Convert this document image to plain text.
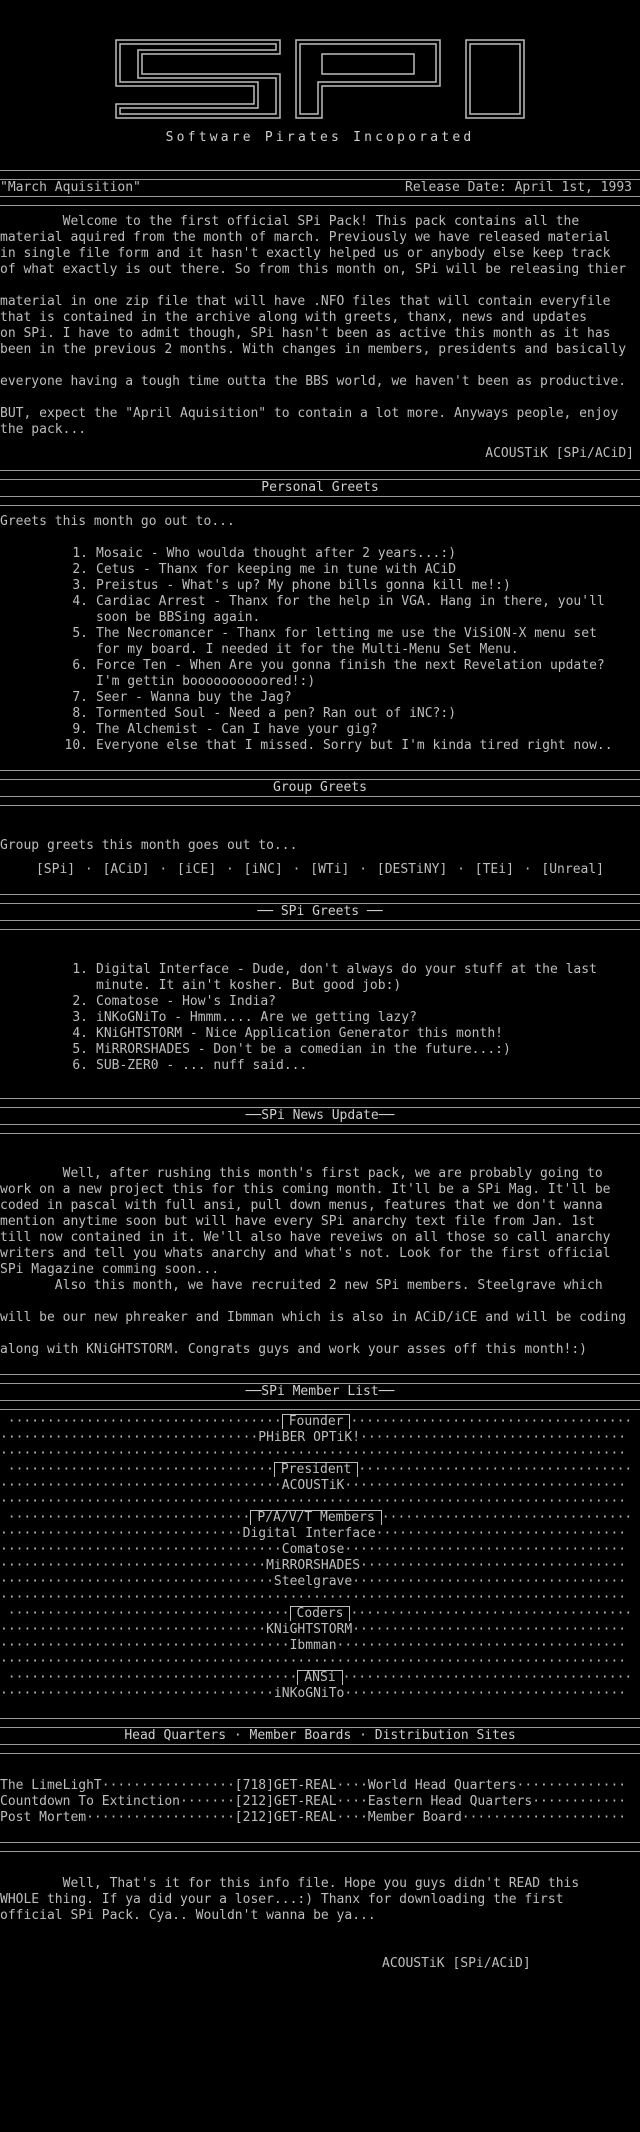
Software Pirates Incoporated
"March Aquisition"	Release Date: April 1st, 1993
Welcome to the first official SPi Pack! This pack contains all the
material aquired from the month of march. Previously we have released material
in single file form and it hasn't exactly helped us or anybody else keep track
of what exactly is out there. So from this month on, SPi will be releasing thier
material in one zip file that will have .NFO files that will contain everyfile
that is contained in the archive along with greets, thanx, news and updates
on SPi. I have to admit though, SPi hasn't been as active this month as it has
been in the previous 2 months. With changes in members, presidents and basically
everyone having a tough time outta the BBS world, we haven't been as productive.
BUT, expect the "April Aquisition" to contain a lot more. Anyways people, enjoy
the pack...
ACOUSTiK [SPi/ACiD]
Personal Greets
Greets this month go out to...
1. Mosaic - Who woulda thought after 2 years...:)
2. Cetus - Thanx for keeping me in tune with ACiD
3. Preistus - What's up? My phone bills gonna kill me!:)
4. Cardiac Arrest - Thanx for the help in VGA. Hang in there, you'll
soon be BBSing again.
5. The Necromancer - Thanx for letting me use the ViSiON-X menu set
for my board. I needed it for the Multi-Menu Set Menu.
6. Force Ten - When Are you gonna finish the next Revelation update?
I'm gettin boooooooooored!:)
7. Seer - Wanna buy the Jag?
8. Tormented Soul - Need a pen? Ran out of iNC?:)
9. The Alchemist - Can I have your gig?
10. Everyone else that I missed. Sorry but I'm kinda tired right now..
Group Greets
Group greets this month goes out to...
[SPi] · [ACiD] · [iCE] · [iNC] · [WTi] · [DESTiNY] · [TEi] · [Unreal]
── SPi Greets ──
1. Digital Interface - Dude, don't always do your stuff at the last
minute. It ain't kosher. But good job:)
2. Comatose - How's India?
3. iNKoGNiTo - Hmmm.... Are we getting lazy?
4. KNiGHTSTORM - Nice Application Generator this month!
5. MiRRORSHADES - Don't be a comedian in the future...:)
6. SUB-ZER0 - ... nuff said...
──SPi News Update──
Well, after rushing this month's first pack, we are probably going to
work on a new project this for this coming month. It'll be a SPi Mag. It'll be
coded in pascal with full ansi, pull down menus, features that we don't wanna
mention anytime soon but will have every SPi anarchy text file from Jan. 1st
till now contained in it. We'll also have reveiws on all those so call anarchy
writers and tell you whats anarchy and what's not. Look for the first official
SPi Magazine comming soon...
Also this month, we have recruited 2 new SPi members. Steelgrave which
will be our new phreaker and Ibmman which is also in ACiD/iCE and will be coding
along with KNiGHTSTORM. Congrats guys and work your asses off this month!:)
──SPi Member List──
··································· Founder ····································
·································PHiBER OPTiK!··································
················································································
·································· President ···································
····································ACOUSTiK····································
················································································
······························· P/A/V/T Members ································
·······························Digital Interface································
····································Comatose····································
··································MiRRORSHADES··································
···································Steelgrave···································
················································································
···································· Coders ····································
··································KNiGHTSTORM···································
·····································Ibmman·····································
················································································
····································· ANSi ·····································
···································iNKoGNiTo····································
Head Quarters · Member Boards · Distribution Sites
The LimeLighT·················[718]GET-REAL····World Head Quarters··············
Countdown To Extinction·······[212]GET-REAL····Eastern Head Quarters············
Post Mortem···················[212]GET-REAL····Member Board·····················
Well, That's it for this info file. Hope you guys didn't READ this
WHOLE thing. If ya did your a loser...:) Thanx for downloading the first
official SPi Pack. Cya.. Wouldn't wanna be ya...
ACOUSTiK [SPi/ACiD]
